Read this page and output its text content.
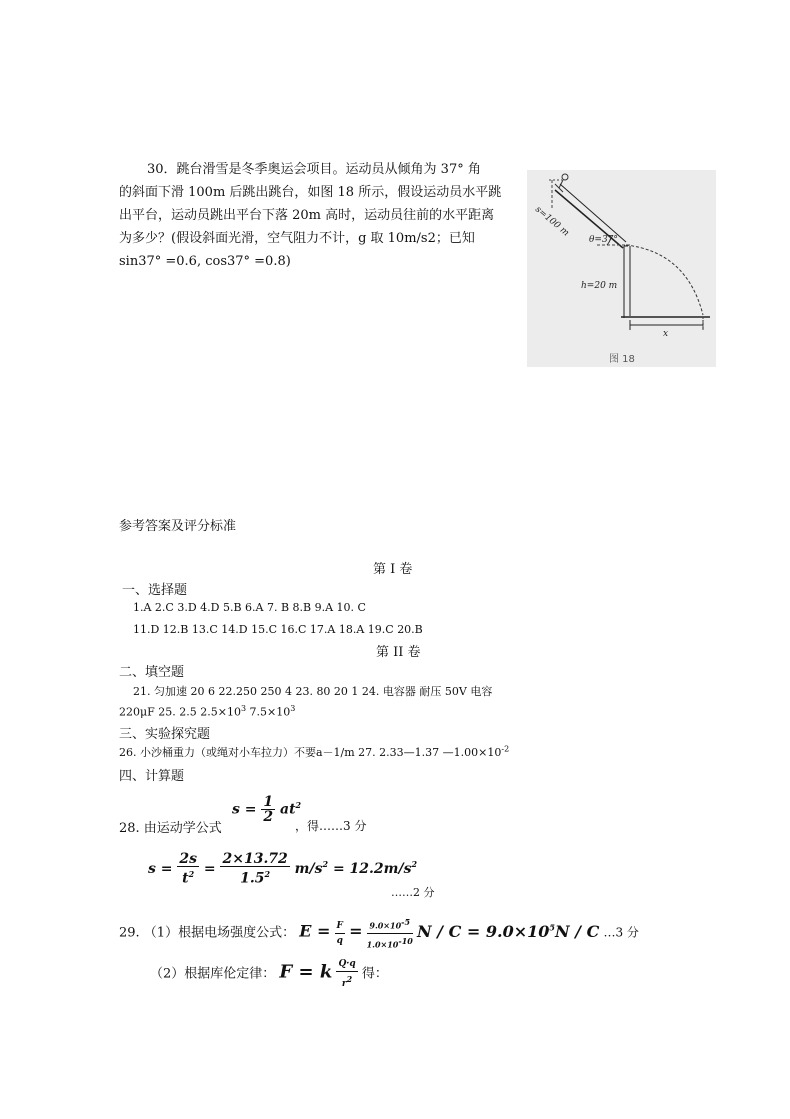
30．跳台滑雪是冬季奥运会项目。运动员从倾角为 37° 角
的斜面下滑 100m 后跳出跳台，如图 18 所示，假设运动员水平跳
出平台，运动员跳出平台下落 20m 高时，运动员往前的水平距离
为多少？(假设斜面光滑，空气阻力不计，g 取 10m/s2；已知
sin37° =0.6, cos37° =0.8)
s=100 m
θ=37°
h=20 m
x
图 18
参考答案及评分标准
第 I 卷
一、选择题
1.A 2.C 3.D 4.D 5.B 6.A 7. B 8.B 9.A 10. C
11.D 12.B 13.C 14.D 15.C 16.C 17.A 18.A 19.C 20.B
第 II 卷
二、填空题
21. 匀加速 20 6 22.250 250 4 23. 80 20 1 24. 电容器 耐压 50V 电容
220μF 25. 2.5 $2.5\times 10^3$ $7.5\times 10^3$
三、实验探究题
26. 小沙桶重力（或绳对小车拉力）不要a－1/m 27. 2.33—1.37 $—1.00\times 10^{-2}$
四、计算题
28. 由运动学公式
$s = \frac{1}{2} at^2$
，得……3 分
$s = \frac{2s}{t^2} = \frac{2\times 13.72}{1.5^2} m/s^2 = 12.2m/s^2$
……2 分
29. （1）根据电场强度公式： $E = \frac{F}{q} = \frac{9.0\times 10^{-5}}{1.0\times 10^{-10}}$ $N / C = 9.0\times 10^5N / C$ …3 分
（2）根据库伦定律： F = k $\frac{Q\cdot q}{r^2}$ 得：
